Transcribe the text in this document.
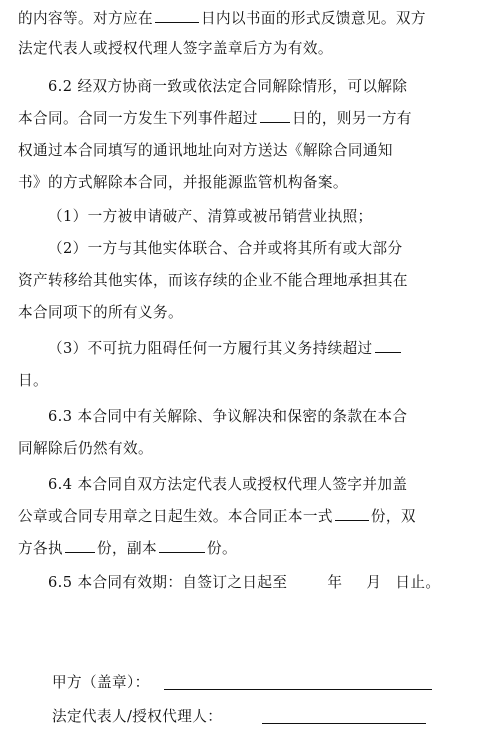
的内容等。对方应在	日内以书面的形式反馈意见。双方
法定代表人或授权代理人签字盖章后方为有效。
6.2 经双方协商一致或依法定合同解除情形，可以解除
本合同。合同一方发生下列事件超过 日的，则另一方有
权通过本合同填写的通讯地址向对方送达《解除合同通知
书》的方式解除本合同，并报能源监管机构备案。
（1）一方被申请破产、清算或被吊销营业执照；
（2）一方与其他实体联合、合并或将其所有或大部分
资产转移给其他实体，而该存续的企业不能合理地承担其在
本合同项下的所有义务。
（3）不可抗力阻碍任何一方履行其义务持续超过
日。
6.3 本合同中有关解除、争议解决和保密的条款在本合
同解除后仍然有效。
6.4 本合同自双方法定代表人或授权代理人签字并加盖
公章或合同专用章之日起生效。本合同正本一式	份，双
方各执 份，副本	份。
6.5 本合同有效期：自签订之日起至	年 月 日止。
甲方（盖章）：
法定代表人/授权代理人：
